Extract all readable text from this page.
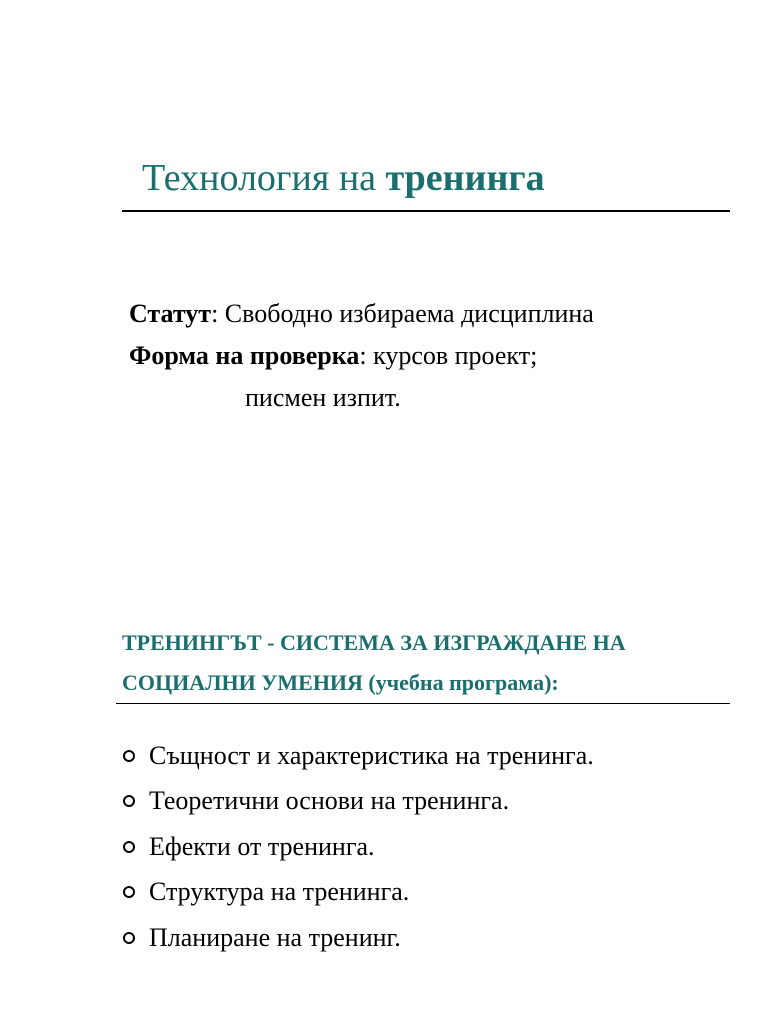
Технология на тренинга
Статут: Свободно избираема дисциплина
Форма на проверка: курсов проект;
писмен изпит.
ТРЕНИНГЪТ - СИСТЕМА ЗА ИЗГРАЖДАНЕ НА
СОЦИАЛНИ УМЕНИЯ (учебна програма):
Същност и характеристика на тренинга.
Теоретични основи на тренинга.
Ефекти от тренинга.
Структура на тренинга.
Планиране на тренинг.
